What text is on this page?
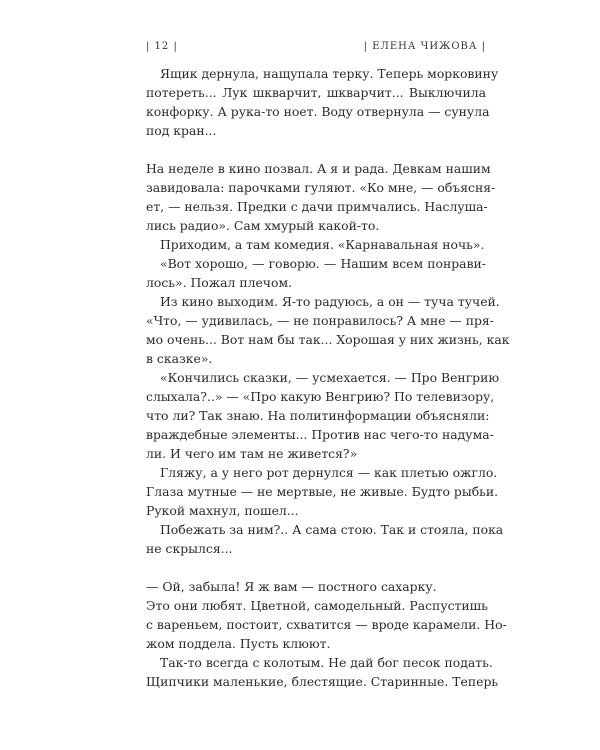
| 12 |	| ЕЛЕНА ЧИЖОВА |
Ящик дернула, нащупала терку. Теперь морковину
потереть... Лук шкварчит, шкварчит... Выключила
конфорку. А рука-то ноет. Воду отвернула — сунула
под кран...
На неделе в кино позвал. А я и рада. Девкам нашим
завидовала: парочками гуляют. «Ко мне, — объясня-
ет, — нельзя. Предки с дачи примчались. Наслуша-
лись радио». Сам хмурый какой-то.
Приходим, а там комедия. «Карнавальная ночь».
«Вот хорошо, — говорю. — Нашим всем понрави-
лось». Пожал плечом.
Из кино выходим. Я-то радуюсь, а он — туча тучей.
«Что, — удивилась, — не понравилось? А мне — пря-
мо очень... Вот нам бы так... Хорошая у них жизнь, как
в сказке».
«Кончились сказки, — усмехается. — Про Венгрию
слыхала?..» — «Про какую Венгрию? По телевизору,
что ли? Так знаю. На политинформации объясняли:
враждебные элементы... Против нас чего-то надума-
ли. И чего им там не живется?»
Гляжу, а у него рот дернулся — как плетью ожгло.
Глаза мутные — не мертвые, не живые. Будто рыбьи.
Рукой махнул, пошел...
Побежать за ним?.. А сама стою. Так и стояла, пока
не скрылся...
— Ой, забыла! Я ж вам — постного сахарку.
Это они любят. Цветной, самодельный. Распустишь
с вареньем, постоит, схватится — вроде карамели. Но-
жом поддела. Пусть клюют.
Так-то всегда с колотым. Не дай бог песок подать.
Щипчики маленькие, блестящие. Старинные. Теперь
